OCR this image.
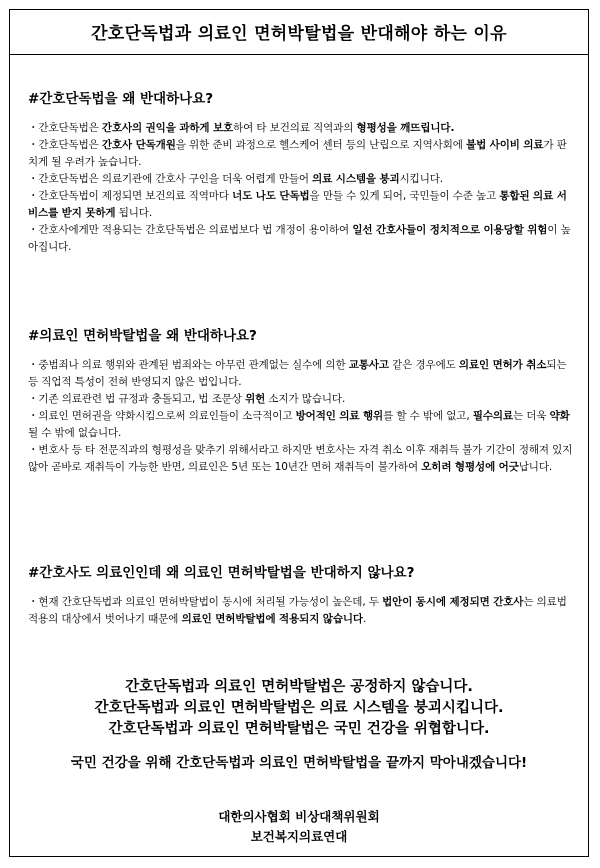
간호단독법과 의료인 면허박탈법을 반대해야 하는 이유
#간호단독법을 왜 반대하나요?

・간호단독법은 간호사의 권익을 과하게 보호하여 타 보건의료 직역과의 형평성을 깨뜨립니다.

・간호단독법은 간호사 단독개원을 위한 준비 과정으로 헬스케어 센터 등의 난립으로 지역사회에 불법 사이비 의료가 판치게 될 우려가 높습니다.

・간호단독법은 의료기관에 간호사 구인을 더욱 어렵게 만들어 의료 시스템을 붕괴시킵니다.

・간호단독법이 제정되면 보건의료 직역마다 너도 나도 단독법을 만들 수 있게 되어, 국민들이 수준 높고 통합된 의료 서비스를 받지 못하게 됩니다.

・간호사에게만 적용되는 간호단독법은 의료법보다 법 개정이 용이하여 일선 간호사들이 정치적으로 이용당할 위험이 높아집니다.

#의료인 면허박탈법을 왜 반대하나요?

・중범죄나 의료 행위와 관계된 범죄와는 아무런 관계없는 실수에 의한 교통사고 같은 경우에도 의료인 면허가 취소되는 등 직업적 특성이 전혀 반영되지 않은 법입니다.

・기존 의료관련 법 규정과 충돌되고, 법 조문상 위헌 소지가 많습니다.

・의료인 면허권을 약화시킴으로써 의료인들이 소극적이고 방어적인 의료 행위를 할 수 밖에 없고, 필수의료는 더욱 약화될 수 밖에 없습니다.

・변호사 등 타 전문직과의 형평성을 맞추기 위해서라고 하지만 변호사는 자격 취소 이후 재취득 불가 기간이 정해져 있지 않아 곧바로 재취득이 가능한 반면, 의료인은 5년 또는 10년간 면허 재취득이 불가하여 오히려 형평성에 어긋납니다.

#간호사도 의료인인데 왜 의료인 면허박탈법을 반대하지 않나요?

・현재 간호단독법과 의료인 면허박탈법이 동시에 처리될 가능성이 높은데, 두 법안이 동시에 제정되면 간호사는 의료법 적용의 대상에서 벗어나기 때문에 의료인 면허박탈법에 적용되지 않습니다.

간호단독법과 의료인 면허박탈법은 공정하지 않습니다.
간호단독법과 의료인 면허박탈법은 의료 시스템을 붕괴시킵니다.
간호단독법과 의료인 면허박탈법은 국민 건강을 위협합니다.
국민 건강을 위해 간호단독법과 의료인 면허박탈법을 끝까지 막아내겠습니다!
대한의사협회 비상대책위원회
보건복지의료연대
